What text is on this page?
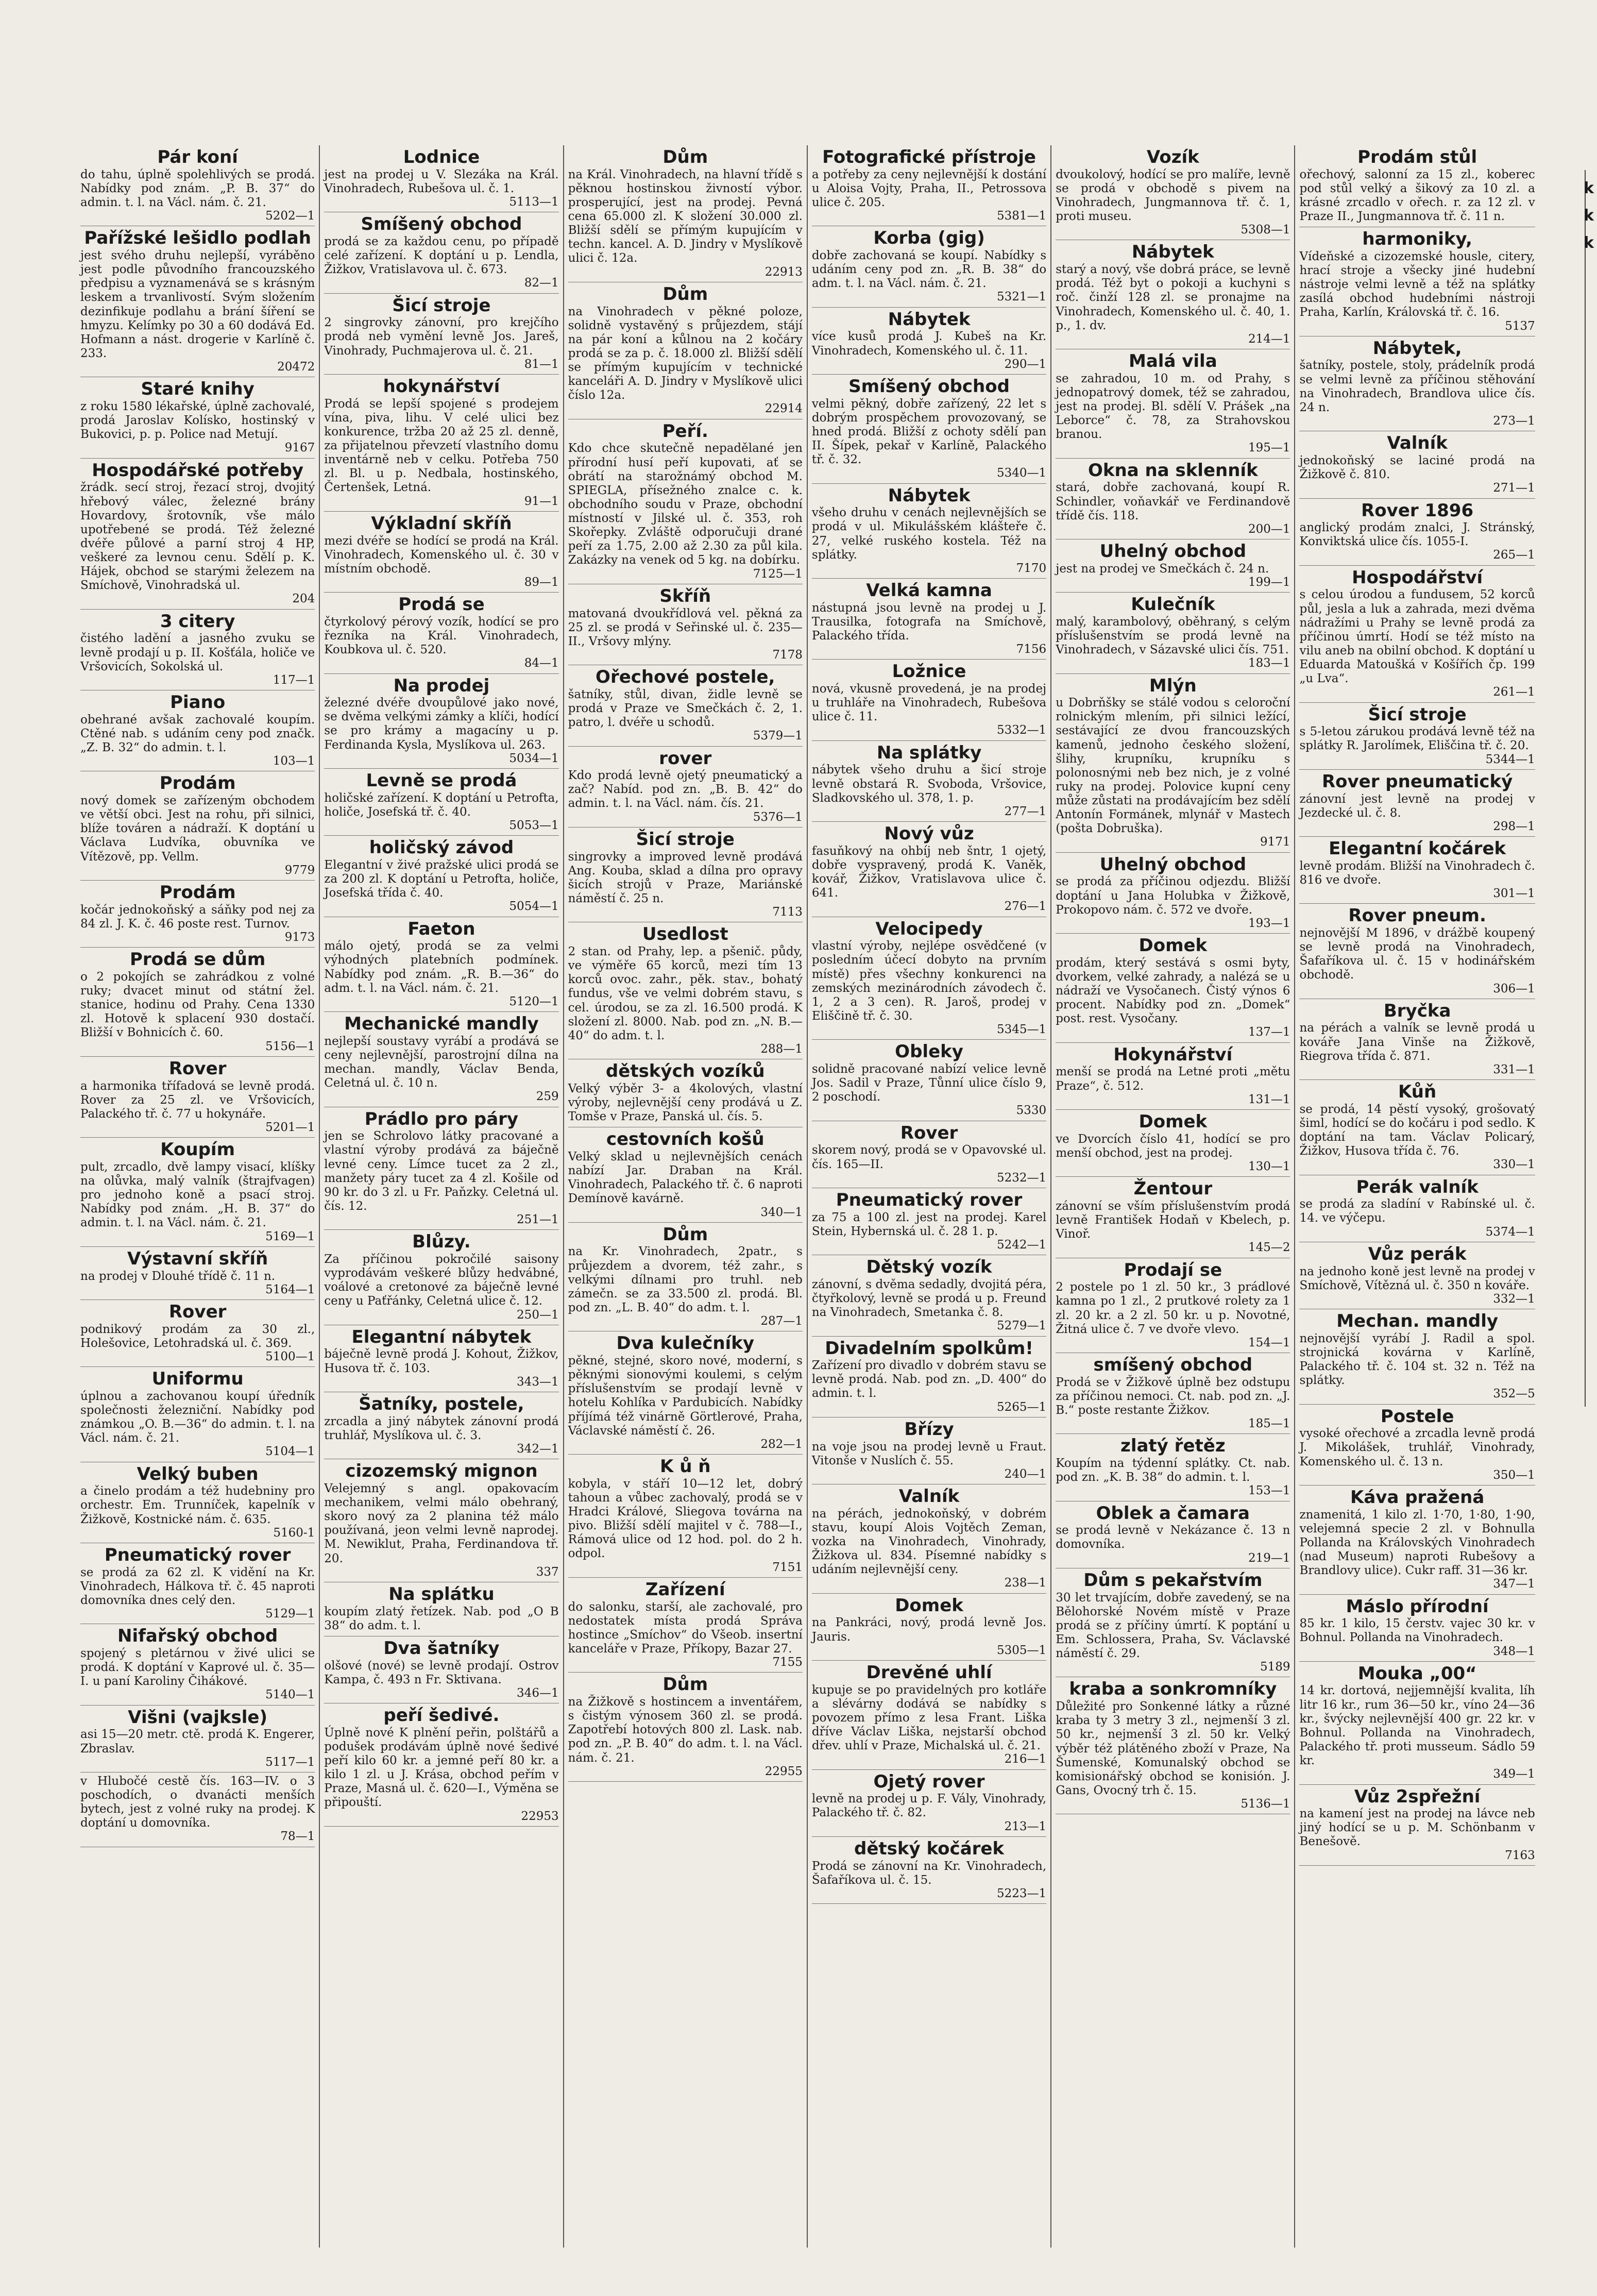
Pár koní
do tahu, úplně spolehlivých se prodá. Nabídky pod znám. „P. B. 37“ do admin. t. l. na Václ. nám. č. 21.
5202—1
Pařížské lešidlo podlah
jest svého druhu nejlepší, vyráběno jest podle původního francouzského předpisu a vyznamenává se s krásným leskem a trvanlivostí. Svým složením dezinfikuje podlahu a brání šíření se hmyzu. Kelímky po 30 a 60 dodává Ed. Hofmann a nást. drogerie v Karlíně č. 233.
20472
Staré knihy
z roku 1580 lékařské, úplně zachovalé, prodá Jaroslav Kolísko, hostinský v Bukovici, p. p. Police nad Metují.
9167
Hospodářské potřeby
žrádk. secí stroj, řezací stroj, dvojitý hřebový válec, železné brány Hovardovy, šrotovník, vše málo upotřebené se prodá. Též železné dvéře půlové a parní stroj 4 HP, veškeré za levnou cenu. Sdělí p. K. Hájek, obchod se starými železem na Smíchově, Vinohradská ul.
204
3 citery
čistého ladění a jasného zvuku se levně prodají u p. II. Košťála, holiče ve Vršovicích, Sokolská ul.
117—1
Piano
obehrané avšak zachovalé koupím. Ctěné nab. s udáním ceny pod značk. „Z. B. 32“ do admin. t. l.
103—1
Prodám
nový domek se zařízeným obchodem ve větší obci. Jest na rohu, při silnici, blíže továren a nádraží. K doptání u Václava Ludvíka, obuvníka ve Vítězově, pp. Vellm.
9779
Prodám
kočár jednokoňský a sáňky pod nej za 84 zl. J. K. č. 46 poste rest. Turnov.
9173
Prodá se dům
o 2 pokojích se zahrádkou z volné ruky; dvacet minut od státní žel. stanice, hodinu od Prahy. Cena 1330 zl. Hotově k splacení 930 dostačí. Bližší v Bohnicích č. 60.
5156—1
Rover
a harmonika třífadová se levně prodá. Rover za 25 zl. ve Vršovicích, Palackého tř. č. 77 u hokynáře.
5201—1
Koupím
pult, zrcadlo, dvě lampy visací, klíšky na olůvka, malý valník (štrajfvagen) pro jednoho koně a psací stroj. Nabídky pod znám. „H. B. 37“ do admin. t. l. na Václ. nám. č. 21.
5169—1
Výstavní skříň
na prodej v Dlouhé třídě č. 11 n.
5164—1
Rover
podnikový prodám za 30 zl., Holešovice, Letohradská ul. č. 369.
5100—1
Uniformu
úplnou a zachovanou koupí úředník společnosti železniční. Nabídky pod známkou „O. B.—36“ do admin. t. l. na Václ. nám. č. 21.
5104—1
Velký buben
a činelo prodám a též hudebniny pro orchestr. Em. Trunníček, kapelník v Žižkově, Kostnické nám. č. 635.
5160-1
Pneumatický rover
se prodá za 62 zl. K vidění na Kr. Vinohradech, Hálkova tř. č. 45 naproti domovníka dnes celý den.
5129—1
Nifařský obchod
spojený s pletárnou v živé ulici se prodá. K doptání v Kaprové ul. č. 35—I. u paní Karoliny Čihákové.
5140—1
Višni (vajksle)
asi 15—20 metr. ctě. prodá K. Engerer, Zbraslav.
5117—1
v Hlubočé cestě čís. 163—IV. o 3 poschodích, o dvanácti menších bytech, jest z volné ruky na prodej. K doptání u domovníka.
78—1
Lodnice
jest na prodej u V. Slezáka na Král. Vinohradech, Rubešova ul. č. 1.
5113—1
Smíšený obchod
prodá se za každou cenu, po případě celé zařízení. K doptání u p. Lendla, Žižkov, Vratislavova ul. č. 673.
82—1
Šicí stroje
2 singrovky zánovní, pro krejčího prodá neb vymění levně Jos. Jareš, Vinohrady, Puchmajerova ul. č. 21.
81—1
hokynářství
Prodá se lepší spojené s prodejem vína, piva, lihu. V celé ulici bez konkurence, tržba 20 až 25 zl. denně, za přijatelnou převzetí vlastního domu inventárně neb v celku. Potřeba 750 zl. Bl. u p. Nedbala, hostinského, Čertenšek, Letná.
91—1
Výkladní skříň
mezi dvéře se hodící se prodá na Král. Vinohradech, Komenského ul. č. 30 v místním obchodě.
89—1
Prodá se
čtyrkolový pérový vozík, hodící se pro řezníka na Král. Vinohradech, Koubkova ul. č. 520.
84—1
Na prodej
železné dvéře dvoupůlové jako nové, se dvěma velkými zámky a klíči, hodící se pro krámy a magacíny u p. Ferdinanda Kysla, Myslíkova ul. 263.
5034—1
Levně se prodá
holičské zařízení. K doptání u Petrofta, holiče, Josefská tř. č. 40.
5053—1
holičský závod
Elegantní v živé pražské ulici prodá se za 200 zl. K doptání u Petrofta, holiče, Josefská třída č. 40.
5054—1
Faeton
málo ojetý, prodá se za velmi výhodných platebních podmínek. Nabídky pod znám. „R. B.—36“ do adm. t. l. na Václ. nám. č. 21.
5120—1
Mechanické mandly
nejlepší soustavy vyrábí a prodává se ceny nejlevnější, parostrojní dílna na mechan. mandly, Václav Benda, Celetná ul. č. 10 n.
259
Prádlo pro páry
jen se Schrolovo látky pracované a vlastní výroby prodává za báječně levné ceny. Límce tucet za 2 zl., manžety páry tucet za 4 zl. Košile od 90 kr. do 3 zl. u Fr. Paňzky. Celetná ul. čís. 12.
251—1
Blůzy.
Za příčinou pokročilé saisony vyprodávám veškeré blůzy hedvábné, voálové a cretonové za báječně levné ceny u Paťřánky, Celetná ulice č. 12.
250—1
Elegantní nábytek
báječně levně prodá J. Kohout, Žižkov, Husova tř. č. 103.
343—1
Šatníky, postele,
zrcadla a jiný nábytek zánovní prodá truhlář, Myslíkova ul. č. 3.
342—1
cizozemský mignon
Velejemný s angl. opakovacím mechanikem, velmi málo obehraný, skoro nový za 2 planina též málo používaná, jeon velmi levně naprodej. M. Newiklut, Praha, Ferdinandova tř. 20.
337
Na splátku
koupím zlatý řetízek. Nab. pod „O B 38“ do adm. t. l.
Dva šatníky
olšové (nové) se levně prodají. Ostrov Kampa, č. 493 n Fr. Sktivana.
346—1
peří šedivé.
Úplně nové K plnění peřin, polštářů a podušek prodávám úplně nové šedivé peří kilo 60 kr. a jemné peří 80 kr. a kilo 1 zl. u J. Krása, obchod peřím v Praze, Masná ul. č. 620—I., Výměna se připouští.
22953
Dům
na Král. Vinohradech, na hlavní třídě s pěknou hostinskou živností výbor. prosperující, jest na prodej. Pevná cena 65.000 zl. K složení 30.000 zl. Bližší sdělí se přímým kupujícím v techn. kancel. A. D. Jindry v Myslíkově ulici č. 12a.
22913
Dům
na Vinohradech v pěkné poloze, solidně vystavěný s průjezdem, stájí na pár koní a kůlnou na 2 kočáry prodá se za p. č. 18.000 zl. Bližší sdělí se přímým kupujícím v technické kanceláři A. D. Jindry v Myslíkově ulici číslo 12a.
22914
Peří.
Kdo chce skutečně nepadělané jen přírodní husí peří kupovati, ať se obrátí na starožnámý obchod M. SPIEGLA, přísežného znalce c. k. obchodního soudu v Praze, obchodní místností v Jilské ul. č. 353, roh Skořepky. Zvláště odporučuji drané peří za 1.75, 2.00 až 2.30 za půl kila. Zakázky na venek od 5 kg. na dobírku.
7125—1
Skříň
matovaná dvoukřídlová vel. pěkná za 25 zl. se prodá v Seřinské ul. č. 235—II., Vršovy mlýny.
7178
Ořechové postele,
šatníky, stůl, divan, židle levně se prodá v Praze ve Smečkách č. 2, 1. patro, l. dvéře u schodů.
5379—1
rover
Kdo prodá levně ojetý pneumatický a zač? Nabíd. pod zn. „B. B. 42“ do admin. t. l. na Václ. nám. čís. 21.
5376—1
Šicí stroje
singrovky a improved levně prodává Ang. Kouba, sklad a dílna pro opravy šicích strojů v Praze, Mariánské náměstí č. 25 n.
7113
Usedlost
2 stan. od Prahy, lep. a pšenič. půdy, ve výměře 65 korců, mezi tím 13 korců ovoc. zahr., pěk. stav., bohatý fundus, vše ve velmi dobrém stavu, s cel. úrodou, se za zl. 16.500 prodá. K složení zl. 8000. Nab. pod zn. „N. B.—40“ do adm. t. l.
288—1
dětských vozíků
Velký výběr 3- a 4kolových, vlastní výroby, nejlevnější ceny prodává u Z. Tomše v Praze, Panská ul. čís. 5.
cestovních košů
Velký sklad u nejlevnějších cenách nabízí Jar. Draban na Král. Vinohradech, Palackého tř. č. 6 naproti Demínově kavárně.
340—1
Dům
na Kr. Vinohradech, 2patr., s průjezdem a dvorem, též zahr., s velkými dílnami pro truhl. neb zámečn. se za 33.500 zl. prodá. Bl. pod zn. „L. B. 40“ do adm. t. l.
287—1
Dva kulečníky
pěkné, stejné, skoro nové, moderní, s pěknými sionovými koulemi, s celým příslušenstvím se prodají levně v hotelu Kohlíka v Pardubicích. Nabídky příjímá též vinárně Görtlerové, Praha, Václavské náměstí č. 26.
282—1
K ů ň
kobyla, v stáří 10—12 let, dobrý tahoun a vůbec zachovalý, prodá se v Hradci Králové, Sliegova továrna na pivo. Bližší sdělí majitel v č. 788—I., Rámová ulice od 12 hod. pol. do 2 h. odpol.
7151
Zařízení
do salonku, starší, ale zachovalé, pro nedostatek místa prodá Správa hostince „Smíchov“ do Všeob. insertní kanceláře v Praze, Příkopy, Bazar 27.
7155
Dům
na Žižkově s hostincem a inventářem, s čistým výnosem 360 zl. se prodá. Zapotřebí hotových 800 zl. Lask. nab. pod zn. „P. B. 40“ do adm. t. l. na Václ. nám. č. 21.
22955
Fotografické přístroje
a potřeby za ceny nejlevnější k dostání u Aloisa Vojty, Praha, II., Petrossova ulice č. 205.
5381—1
Korba (gig)
dobře zachovaná se koupí. Nabídky s udáním ceny pod zn. „R. B. 38“ do adm. t. l. na Václ. nám. č. 21.
5321—1
Nábytek
více kusů prodá J. Kubeš na Kr. Vinohradech, Komenského ul. č. 11.
290—1
Smíšený obchod
velmi pěkný, dobře zařízený, 22 let s dobrým prospěchem provozovaný, se hned prodá. Bližší z ochoty sdělí pan II. Šípek, pekař v Karlíně, Palackého tř. č. 32.
5340—1
Nábytek
všeho druhu v cenách nejlevnějších se prodá v ul. Mikulášském klášteře č. 27, velké ruského kostela. Též na splátky.
7170
Velká kamna
nástupná jsou levně na prodej u J. Trausilka, fotografa na Smíchově, Palackého třída.
7156
Ložnice
nová, vkusně provedená, je na prodej u truhláře na Vinohradech, Rubešova ulice č. 11.
5332—1
Na splátky
nábytek všeho druhu a šicí stroje levně obstará R. Svoboda, Vršovice, Sladkovského ul. 378, 1. p.
277—1
Nový vůz
fasuňkový na ohbíj neb šntr, 1 ojetý, dobře vyspravený, prodá K. Vaněk, kovář, Žižkov, Vratislavova ulice č. 641.
276—1
Velocipedy
vlastní výroby, nejlépe osvědčené (v posledním účecí dobyto na prvním místě) přes všechny konkurenci na zemských mezinárodních závodech č. 1, 2 a 3 cen). R. Jaroš, prodej v Eliščině tř. č. 30.
5345—1
Obleky
solidně pracované nabízí velice levně Jos. Sadil v Praze, Tůnní ulice číslo 9, 2 poschodí.
5330
Rover
skorem nový, prodá se v Opavovské ul. čís. 165—II.
5232—1
Pneumatický rover
za 75 a 100 zl. jest na prodej. Karel Stein, Hybernská ul. č. 28 1. p.
5242—1
Dětský vozík
zánovní, s dvěma sedadly, dvojitá péra, čtyřkolový, levně se prodá u p. Freund na Vinohradech, Smetanka č. 8.
5279—1
Divadelním spolkům!
Zařízení pro divadlo v dobrém stavu se levně prodá. Nab. pod zn. „D. 400“ do admin. t. l.
5265—1
Břízy
na voje jsou na prodej levně u Fraut. Vitonše v Nuslích č. 55.
240—1
Valník
na pérách, jednokoňský, v dobrém stavu, koupí Alois Vojtěch Zeman, vozka na Vinohradech, Vinohrady, Žižkova ul. 834. Písemné nabídky s udáním nejlevnější ceny.
238—1
Domek
na Pankráci, nový, prodá levně Jos. Jauris.
5305—1
Drevěné uhlí
kupuje se po pravidelných pro kotláře a slévárny dodává se nabídky s povozem přímo z lesa Frant. Liška dříve Václav Liška, nejstarší obchod dřev. uhlí v Praze, Michalská ul. č. 21.
216—1
Ojetý rover
levně na prodej u p. F. Vály, Vinohrady, Palackého tř. č. 82.
213—1
dětský kočárek
Prodá se zánovní na Kr. Vinohradech, Šafaříkova ul. č. 15.
5223—1
Vozík
dvoukolový, hodící se pro malíře, levně se prodá v obchodě s pivem na Vinohradech, Jungmannova tř. č. 1, proti museu.
5308—1
Nábytek
starý a nový, vše dobrá práce, se levně prodá. Též byt o pokoji a kuchyni s roč. činží 128 zl. se pronajme na Vinohradech, Komenského ul. č. 40, 1. p., 1. dv.
214—1
Malá vila
se zahradou, 10 m. od Prahy, s jednopatrový domek, též se zahradou, jest na prodej. Bl. sdělí V. Prášek „na Leborce“ č. 78, za Strahovskou branou.
195—1
Okna na sklenník
stará, dobře zachovaná, koupí R. Schindler, voňavkář ve Ferdinandově třídě čís. 118.
200—1
Uhelný obchod
jest na prodej ve Smečkách č. 24 n.
199—1
Kulečník
malý, karambolový, oběhraný, s celým příslušenstvím se prodá levně na Vinohradech, v Sázavské ulici čís. 751.
183—1
Mlýn
u Dobrňšky se stálé vodou s celoroční rolnickým mlením, při silnici ležící, sestávající ze dvou francouzských kamenů, jednoho českého složení, šlihy, krupníku, krupníku s polonosnými neb bez nich, je z volné ruky na prodej. Polovice kupní ceny může zůstati na prodávajícím bez sdělí Antonín Formánek, mlynář v Mastech (pošta Dobruška).
9171
Uhelný obchod
se prodá za příčinou odjezdu. Bližší doptání u Jana Holubka v Žižkově, Prokopovo nám. č. 572 ve dvoře.
193—1
Domek
prodám, který sestává s osmi byty, dvorkem, velké zahrady, a nalézá se u nádraží ve Vysočanech. Čistý výnos 6 procent. Nabídky pod zn. „Domek“ post. rest. Vysočany.
137—1
Hokynářství
menší se prodá na Letné proti „mětu Praze“, č. 512.
131—1
Domek
ve Dvorcích číslo 41, hodící se pro menší obchod, jest na prodej.
130—1
Žentour
zánovní se vším příslušenstvím prodá levně František Hodaň v Kbelech, p. Vinoř.
145—2
Prodají se
2 postele po 1 zl. 50 kr., 3 prádlové kamna po 1 zl., 2 prutkové rolety za 1 zl. 20 kr. a 2 zl. 50 kr. u p. Novotné, Žitná ulice č. 7 ve dvoře vlevo.
154—1
smíšený obchod
Prodá se v Žižkově úplně bez odstupu za příčinou nemoci. Ct. nab. pod zn. „J. B.“ poste restante Žižkov.
185—1
zlatý řetěz
Koupím na týdenní splátky. Ct. nab. pod zn. „K. B. 38“ do admin. t. l.
153—1
Oblek a čamara
se prodá levně v Nekázance č. 13 n domovníka.
219—1
Dům s pekařstvím
30 let trvajícím, dobře zavedený, se na Bělohorské Novém místě v Praze prodá se z příčiny úmrtí. K poptání u Em. Schlossera, Praha, Sv. Václavské náměstí č. 29.
5189
kraba a sonkromníky
Důležité pro Sonkenné látky a různé kraba ty 3 metry 3 zl., nejmenší 3 zl. 50 kr., nejmenší 3 zl. 50 kr. Velký výběr též plátěného zboží v Praze, Na Šumenské, Komunalský obchod se komisionářský obchod se konisión. J. Gans, Ovocný trh č. 15.
5136—1
Prodám stůl
ořechový, salonní za 15 zl., koberec pod stůl velký a šikový za 10 zl. a krásné zrcadlo v ořech. r. za 12 zl. v Praze II., Jungmannova tř. č. 11 n.
harmoniky,
Vídeňské a cizozemské housle, citery, hrací stroje a všecky jiné hudební nástroje velmi levně a též na splátky zasílá obchod hudebními nástroji Praha, Karlín, Královská tř. č. 16.
5137
Nábytek,
šatníky, postele, stoly, prádelník prodá se velmi levně za příčinou stěhování na Vinohradech, Brandlova ulice čís. 24 n.
273—1
Valník
jednokoňský se laciné prodá na Žižkově č. 810.
271—1
Rover 1896
anglický prodám znalci, J. Stránský, Konviktská ulice čís. 1055-I.
265—1
Hospodářství
s celou úrodou a fundusem, 52 korců půl, jesla a luk a zahrada, mezi dvěma nádražími u Prahy se levně prodá za příčinou úmrtí. Hodí se též místo na vilu aneb na obilní obchod. K doptání u Eduarda Matoušká v Košířích čp. 199 „u Lva“.
261—1
Šicí stroje
s 5-letou zárukou prodává levně též na splátky R. Jarolímek, Eliščina tř. č. 20.
5344—1
Rover pneumatický
zánovní jest levně na prodej v Jezdecké ul. č. 8.
298—1
Elegantní kočárek
levně prodám. Bližší na Vinohradech č. 816 ve dvoře.
301—1
Rover pneum.
nejnovější M 1896, v drážbě koupený se levně prodá na Vinohradech, Šafaříkova ul. č. 15 v hodinářském obchodě.
306—1
Bryčka
na pérách a valník se levně prodá u kováře Jana Vinše na Žižkově, Riegrova třída č. 871.
331—1
Kůň
se prodá, 14 pěstí vysoký, grošovatý šiml, hodící se do kočáru i pod sedlo. K doptání na tam. Václav Policarý, Žižkov, Husova třída č. 76.
330—1
Perák valník
se prodá za sladíní v Rabínské ul. č. 14. ve výčepu.
5374—1
Vůz perák
na jednoho koně jest levně na prodej v Smíchově, Vítězná ul. č. 350 n kováře.
332—1
Mechan. mandly
nejnovější vyrábí J. Radil a spol. strojnická kovárna v Karlíně, Palackého tř. č. 104 st. 32 n. Též na splátky.
352—5
Postele
vysoké ořechové a zrcadla levně prodá J. Mikolášek, truhlář, Vinohrady, Komenského ul. č. 13 n.
350—1
Káva pražená
znamenitá, 1 kilo zl. 1·70, 1·80, 1·90, velejemná specie 2 zl. v Bohnulla Pollanda na Královských Vinohradech (nad Museum) naproti Rubešovy a Brandlovy ulice). Cukr raff. 31—36 kr.
347—1
Máslo přírodní
85 kr. 1 kilo, 15 čerstv. vajec 30 kr. v Bohnul. Pollanda na Vinohradech.
348—1
Mouka „00“
14 kr. dortová, nejjemnější kvalita, líh litr 16 kr., rum 36—50 kr., víno 24—36 kr., švýcky nejlevnější 400 gr. 22 kr. v Bohnul. Pollanda na Vinohradech, Palackého tř. proti musseum. Sádlo 59 kr.
349—1
Vůz 2spřežní
na kamení jest na prodej na lávce neb jiný hodící se u p. M. Schönbanm v Benešově.
7163
k
k
k
